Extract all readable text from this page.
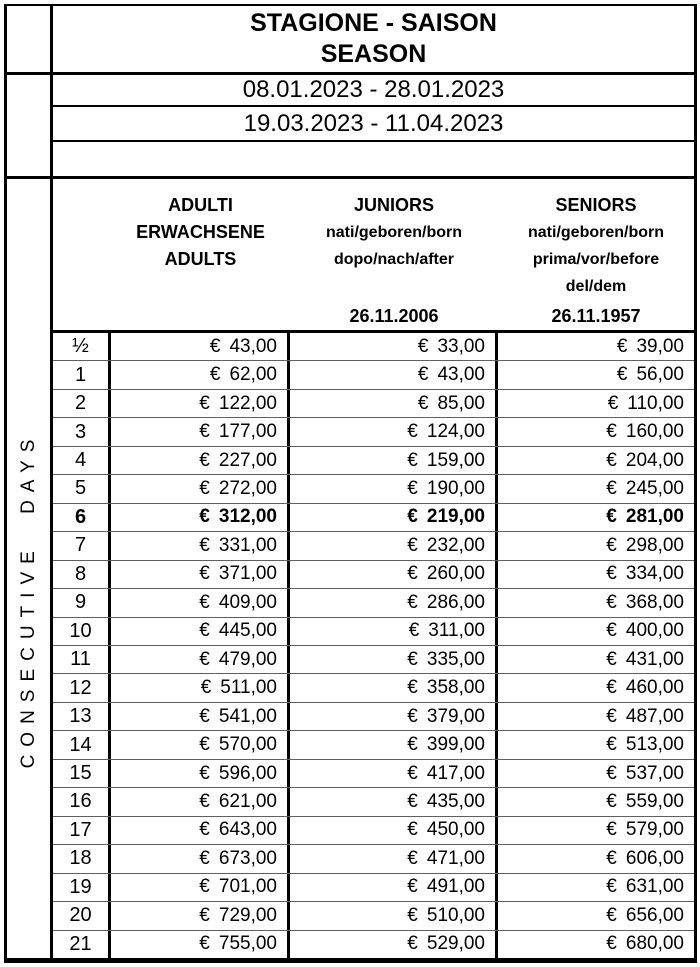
STAGIONE - SAISON
SEASON
08.01.2023 - 28.01.2023
19.03.2023 - 11.04.2023
CONSECUTIVE DAYS
ADULTI
ERWACHSENE
ADULTS

JUNIORS
nati/geboren/born
dopo/nach/after

26.11.2006
SENIORS
nati/geboren/born
prima/vor/before
del/dem
26.11.1957
½	€ 43,00	€ 33,00	€ 39,00
1	€ 62,00	€ 43,00	€ 56,00
2	€ 122,00	€ 85,00	€ 110,00
3	€ 177,00	€ 124,00	€ 160,00
4	€ 227,00	€ 159,00	€ 204,00
5	€ 272,00	€ 190,00	€ 245,00
6	€ 312,00	€ 219,00	€ 281,00
7	€ 331,00	€ 232,00	€ 298,00
8	€ 371,00	€ 260,00	€ 334,00
9	€ 409,00	€ 286,00	€ 368,00
10	€ 445,00	€ 311,00	€ 400,00
11	€ 479,00	€ 335,00	€ 431,00
12	€ 511,00	€ 358,00	€ 460,00
13	€ 541,00	€ 379,00	€ 487,00
14	€ 570,00	€ 399,00	€ 513,00
15	€ 596,00	€ 417,00	€ 537,00
16	€ 621,00	€ 435,00	€ 559,00
17	€ 643,00	€ 450,00	€ 579,00
18	€ 673,00	€ 471,00	€ 606,00
19	€ 701,00	€ 491,00	€ 631,00
20	€ 729,00	€ 510,00	€ 656,00
21	€ 755,00	€ 529,00	€ 680,00
